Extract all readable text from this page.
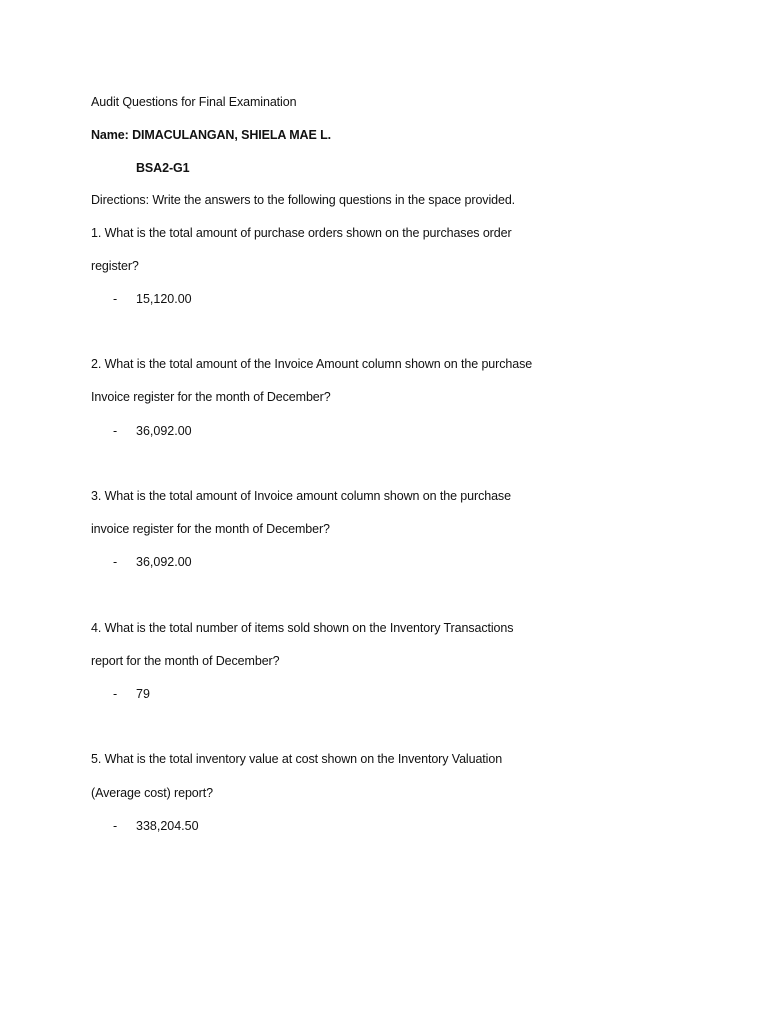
Audit Questions for Final Examination
Name: DIMACULANGAN, SHIELA MAE L.
BSA2-G1
Directions: Write the answers to the following questions in the space provided.
1. What is the total amount of purchase orders shown on the purchases order
register?
- 15,120.00
2. What is the total amount of the Invoice Amount column shown on the purchase
Invoice register for the month of December?
- 36,092.00
3. What is the total amount of Invoice amount column shown on the purchase
invoice register for the month of December?
- 36,092.00
4. What is the total number of items sold shown on the Inventory Transactions
report for the month of December?
- 79
5. What is the total inventory value at cost shown on the Inventory Valuation
(Average cost) report?
- 338,204.50
